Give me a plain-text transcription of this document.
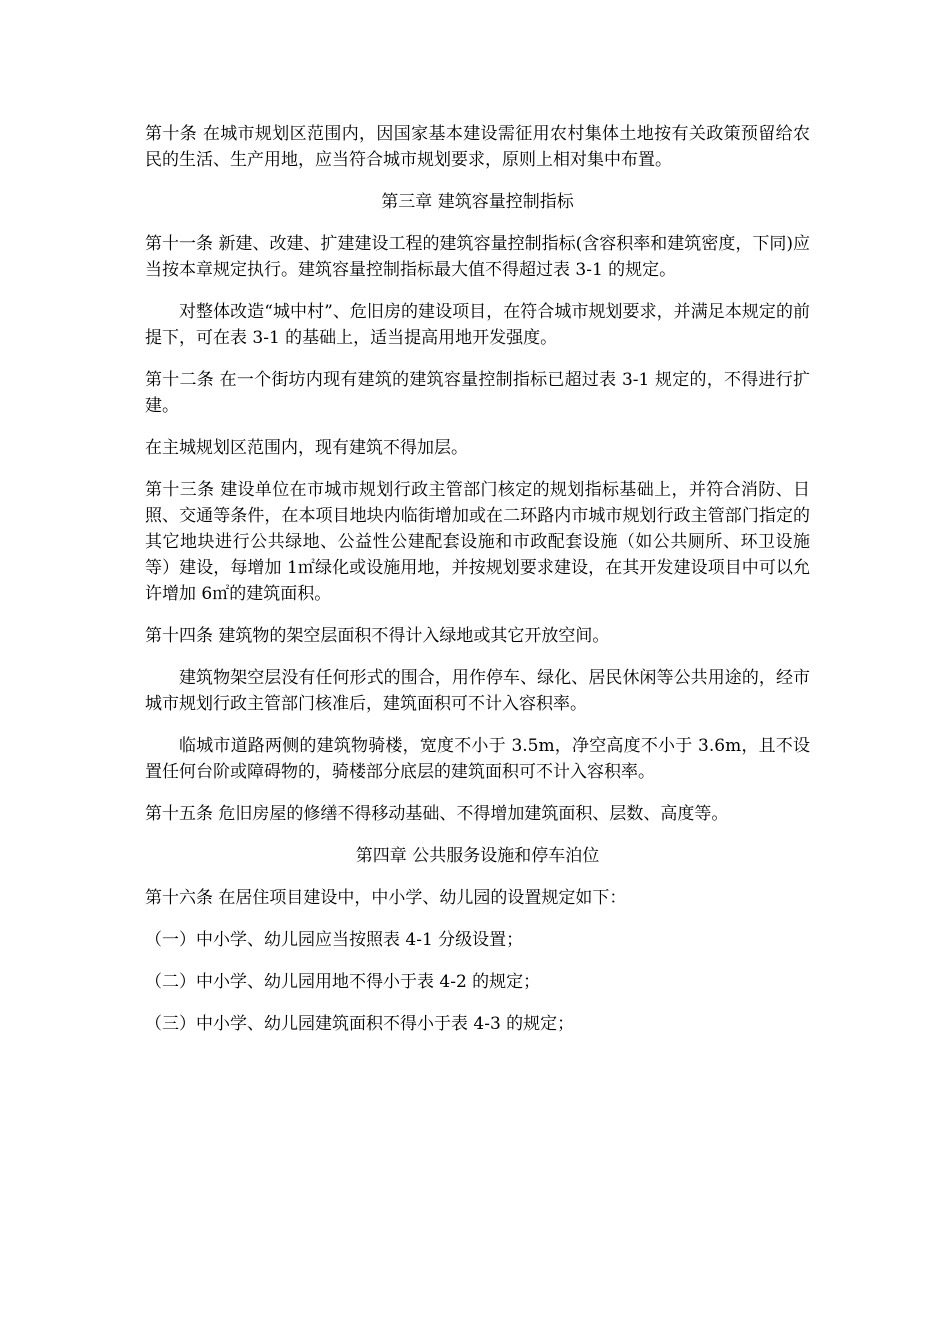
第十条 在城市规划区范围内，因国家基本建设需征用农村集体土地按有关政策预留给农民的生活、生产用地，应当符合城市规划要求，原则上相对集中布置。

第三章 建筑容量控制指标

第十一条 新建、改建、扩建建设工程的建筑容量控制指标(含容积率和建筑密度，下同)应当按本章规定执行。建筑容量控制指标最大值不得超过表 3-1 的规定。

对整体改造“城中村”、危旧房的建设项目，在符合城市规划要求，并满足本规定的前提下，可在表 3-1 的基础上，适当提高用地开发强度。

第十二条 在一个街坊内现有建筑的建筑容量控制指标已超过表 3-1 规定的，不得进行扩建。

在主城规划区范围内，现有建筑不得加层。

第十三条 建设单位在市城市规划行政主管部门核定的规划指标基础上，并符合消防、日照、交通等条件，在本项目地块内临街增加或在二环路内市城市规划行政主管部门指定的其它地块进行公共绿地、公益性公建配套设施和市政配套设施（如公共厕所、环卫设施等）建设，每增加 1㎡绿化或设施用地，并按规划要求建设，在其开发建设项目中可以允许增加 6㎡的建筑面积。

第十四条 建筑物的架空层面积不得计入绿地或其它开放空间。

建筑物架空层没有任何形式的围合，用作停车、绿化、居民休闲等公共用途的，经市城市规划行政主管部门核准后，建筑面积可不计入容积率。

临城市道路两侧的建筑物骑楼，宽度不小于 3.5m，净空高度不小于 3.6m，且不设置任何台阶或障碍物的，骑楼部分底层的建筑面积可不计入容积率。

第十五条 危旧房屋的修缮不得移动基础、不得增加建筑面积、层数、高度等。

第四章 公共服务设施和停车泊位

第十六条 在居住项目建设中，中小学、幼儿园的设置规定如下：

（一）中小学、幼儿园应当按照表 4-1 分级设置；

（二）中小学、幼儿园用地不得小于表 4-2 的规定；

（三）中小学、幼儿园建筑面积不得小于表 4-3 的规定；
